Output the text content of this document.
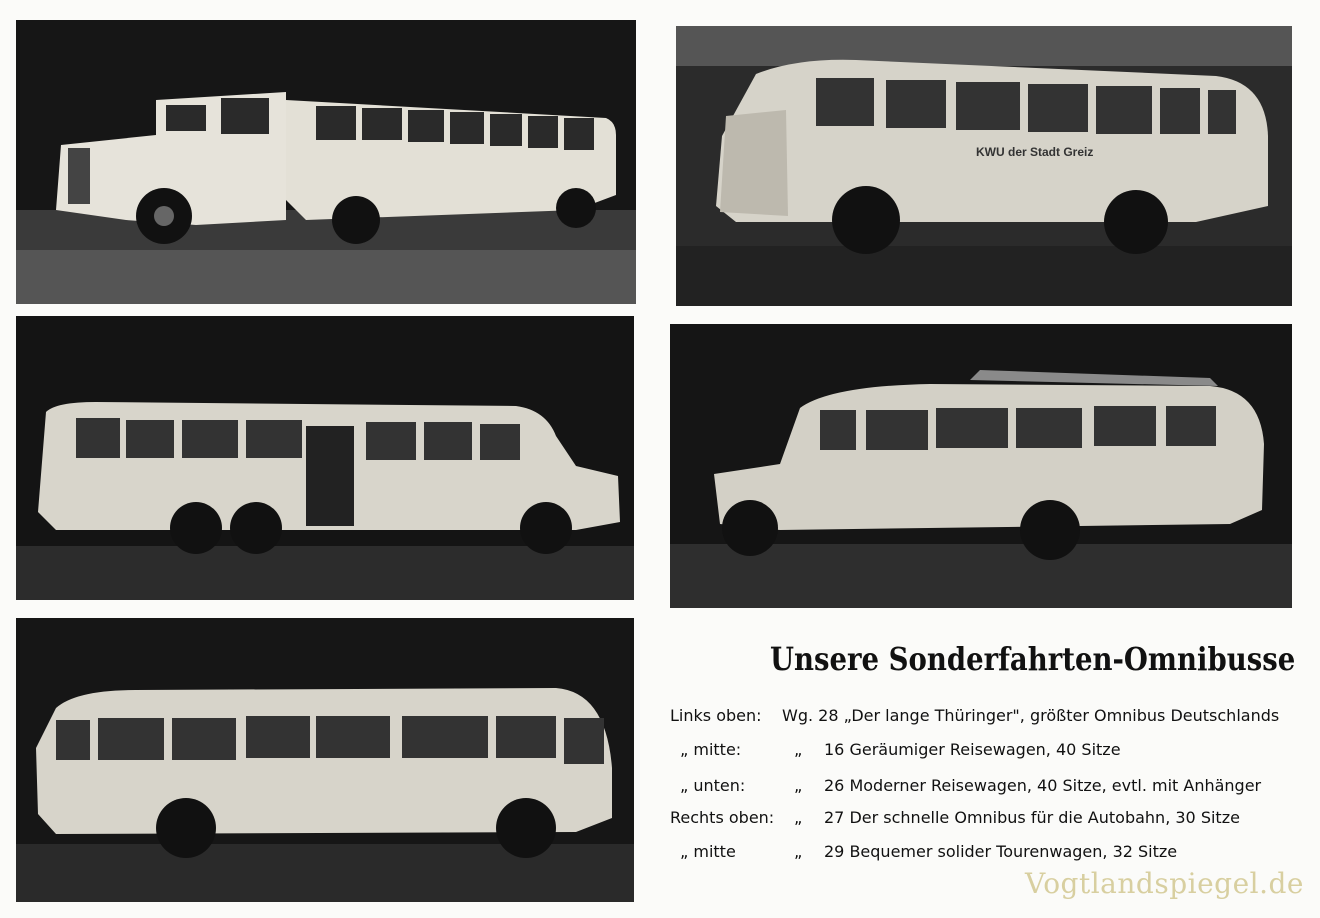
KWU der Stadt Greiz
Unsere Sonderfahrten-Omnibusse
Links oben: Wg. 28 „Der lange Thüringer", größter Omnibus Deutschlands
„ mitte:	„ 16 Geräumiger Reisewagen, 40 Sitze
„ unten:	„ 26 Moderner Reisewagen, 40 Sitze, evtl. mit Anhänger
Rechts oben: „ 27 Der schnelle Omnibus für die Autobahn, 30 Sitze
„ mitte	„ 29 Bequemer solider Tourenwagen, 32 Sitze
Vogtlandspiegel.de
